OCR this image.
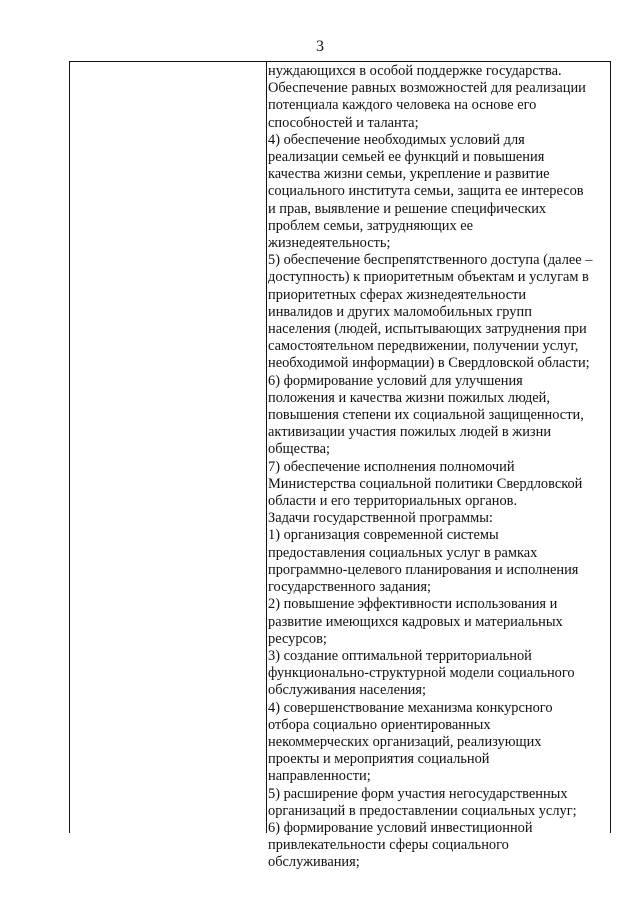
3
нуждающихся в особой поддержке государства.
Обеспечение равных возможностей для реализации
потенциала каждого человека на основе его
способностей и таланта;
4) обеспечение необходимых условий для
реализации семьей ее функций и повышения
качества жизни семьи, укрепление и развитие
социального института семьи, защита ее интересов
и прав, выявление и решение специфических
проблем семьи, затрудняющих ее
жизнедеятельность;
5) обеспечение беспрепятственного доступа (далее –
доступность) к приоритетным объектам и услугам в
приоритетных сферах жизнедеятельности
инвалидов и других маломобильных групп
населения (людей, испытывающих затруднения при
самостоятельном передвижении, получении услуг,
необходимой информации) в Свердловской области;
6) формирование условий для улучшения
положения и качества жизни пожилых людей,
повышения степени их социальной защищенности,
активизации участия пожилых людей в жизни
общества;
7) обеспечение исполнения полномочий
Министерства социальной политики Свердловской
области и его территориальных органов.
Задачи государственной программы:
1) организация современной системы
предоставления социальных услуг в рамках
программно-целевого планирования и исполнения
государственного задания;
2) повышение эффективности использования и
развитие имеющихся кадровых и материальных
ресурсов;
3) создание оптимальной территориальной
функционально-структурной модели социального
обслуживания населения;
4) совершенствование механизма конкурсного
отбора социально ориентированных
некоммерческих организаций, реализующих
проекты и мероприятия социальной
направленности;
5) расширение форм участия негосударственных
организаций в предоставлении социальных услуг;
6) формирование условий инвестиционной
привлекательности сферы социального
обслуживания;
